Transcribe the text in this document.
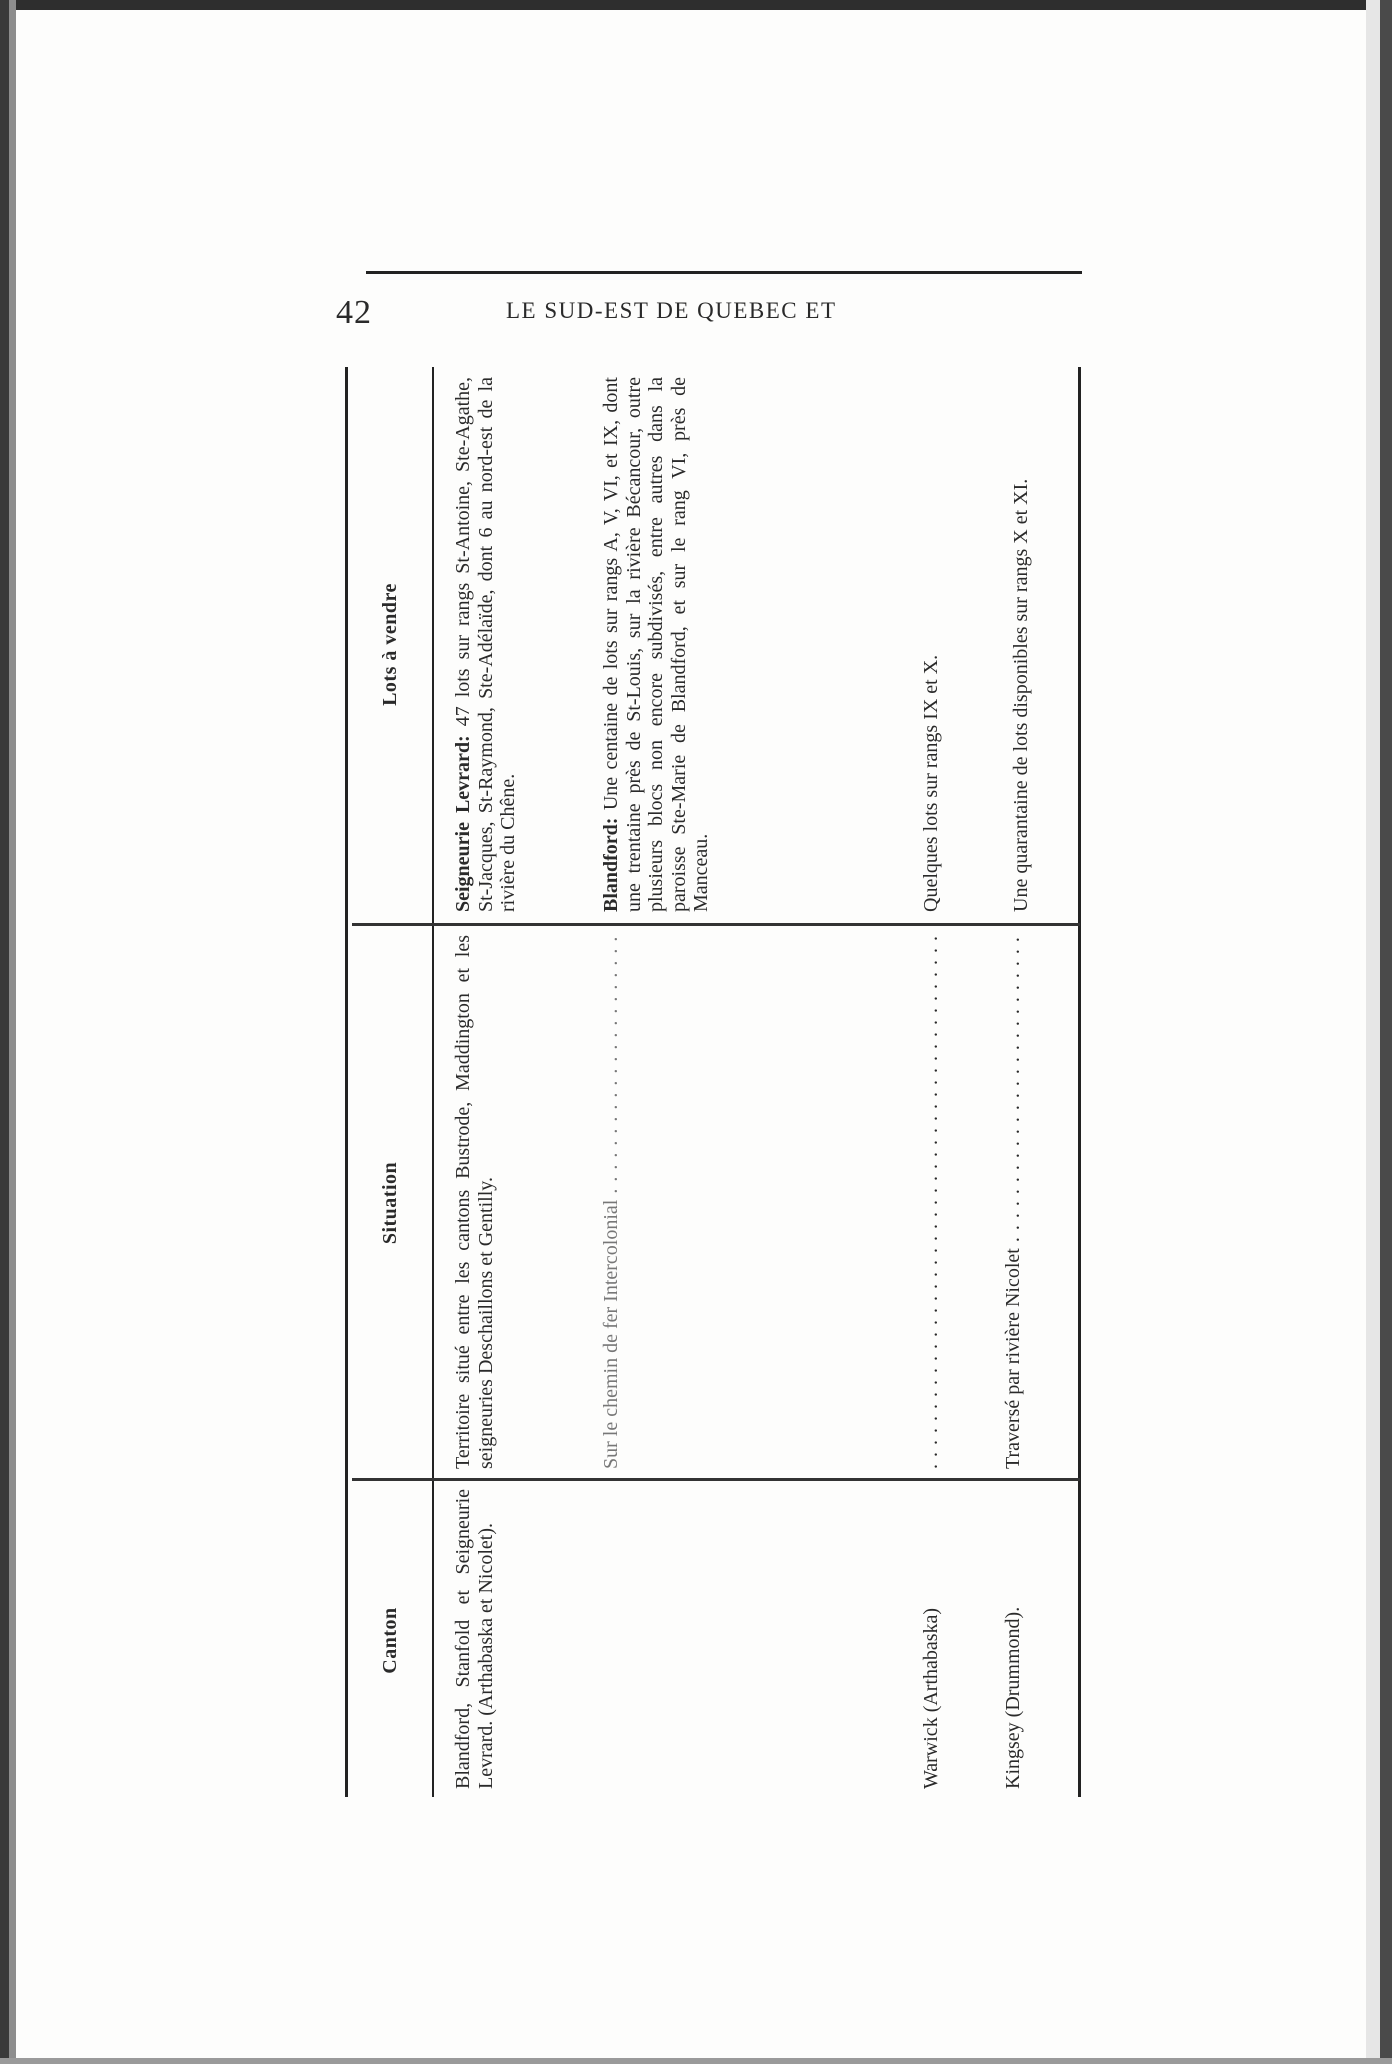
42	LE SUD-EST DE QUEBEC ET
Canton
Situation
Lots à vendre
Blandford, Stanfold et Seigneurie Levrard. (Arthabaska et Nicolet).
Territoire situé entre les cantons Bustrode, Maddington et les seigneuries Deschaillons et Gentilly.
Seigneurie Levrard: 47 lots sur rangs St-Antoine, Ste-Agathe, St-Jacques, St-Raymond, Ste-Adélaïde, dont 6 au nord-est de la rivière du Chêne.
Sur le chemin de fer Intercolonial . . .
Blandford: Une centaine de lots sur rangs A, V, VI, et IX, dont une trentaine près de St-Louis, sur la rivière Bécancour, outre plusieurs blocs non encore subdivisés, entre autres dans la paroisse Ste-Marie de Blandford, et sur le rang VI, près de Manceau.
Warwick (Arthabaska)
. . .
Quelques lots sur rangs IX et X.
Kingsey (Drummond).
Traversé par rivière Nicolet . . .
Une quarantaine de lots disponibles sur rangs X et XI.
